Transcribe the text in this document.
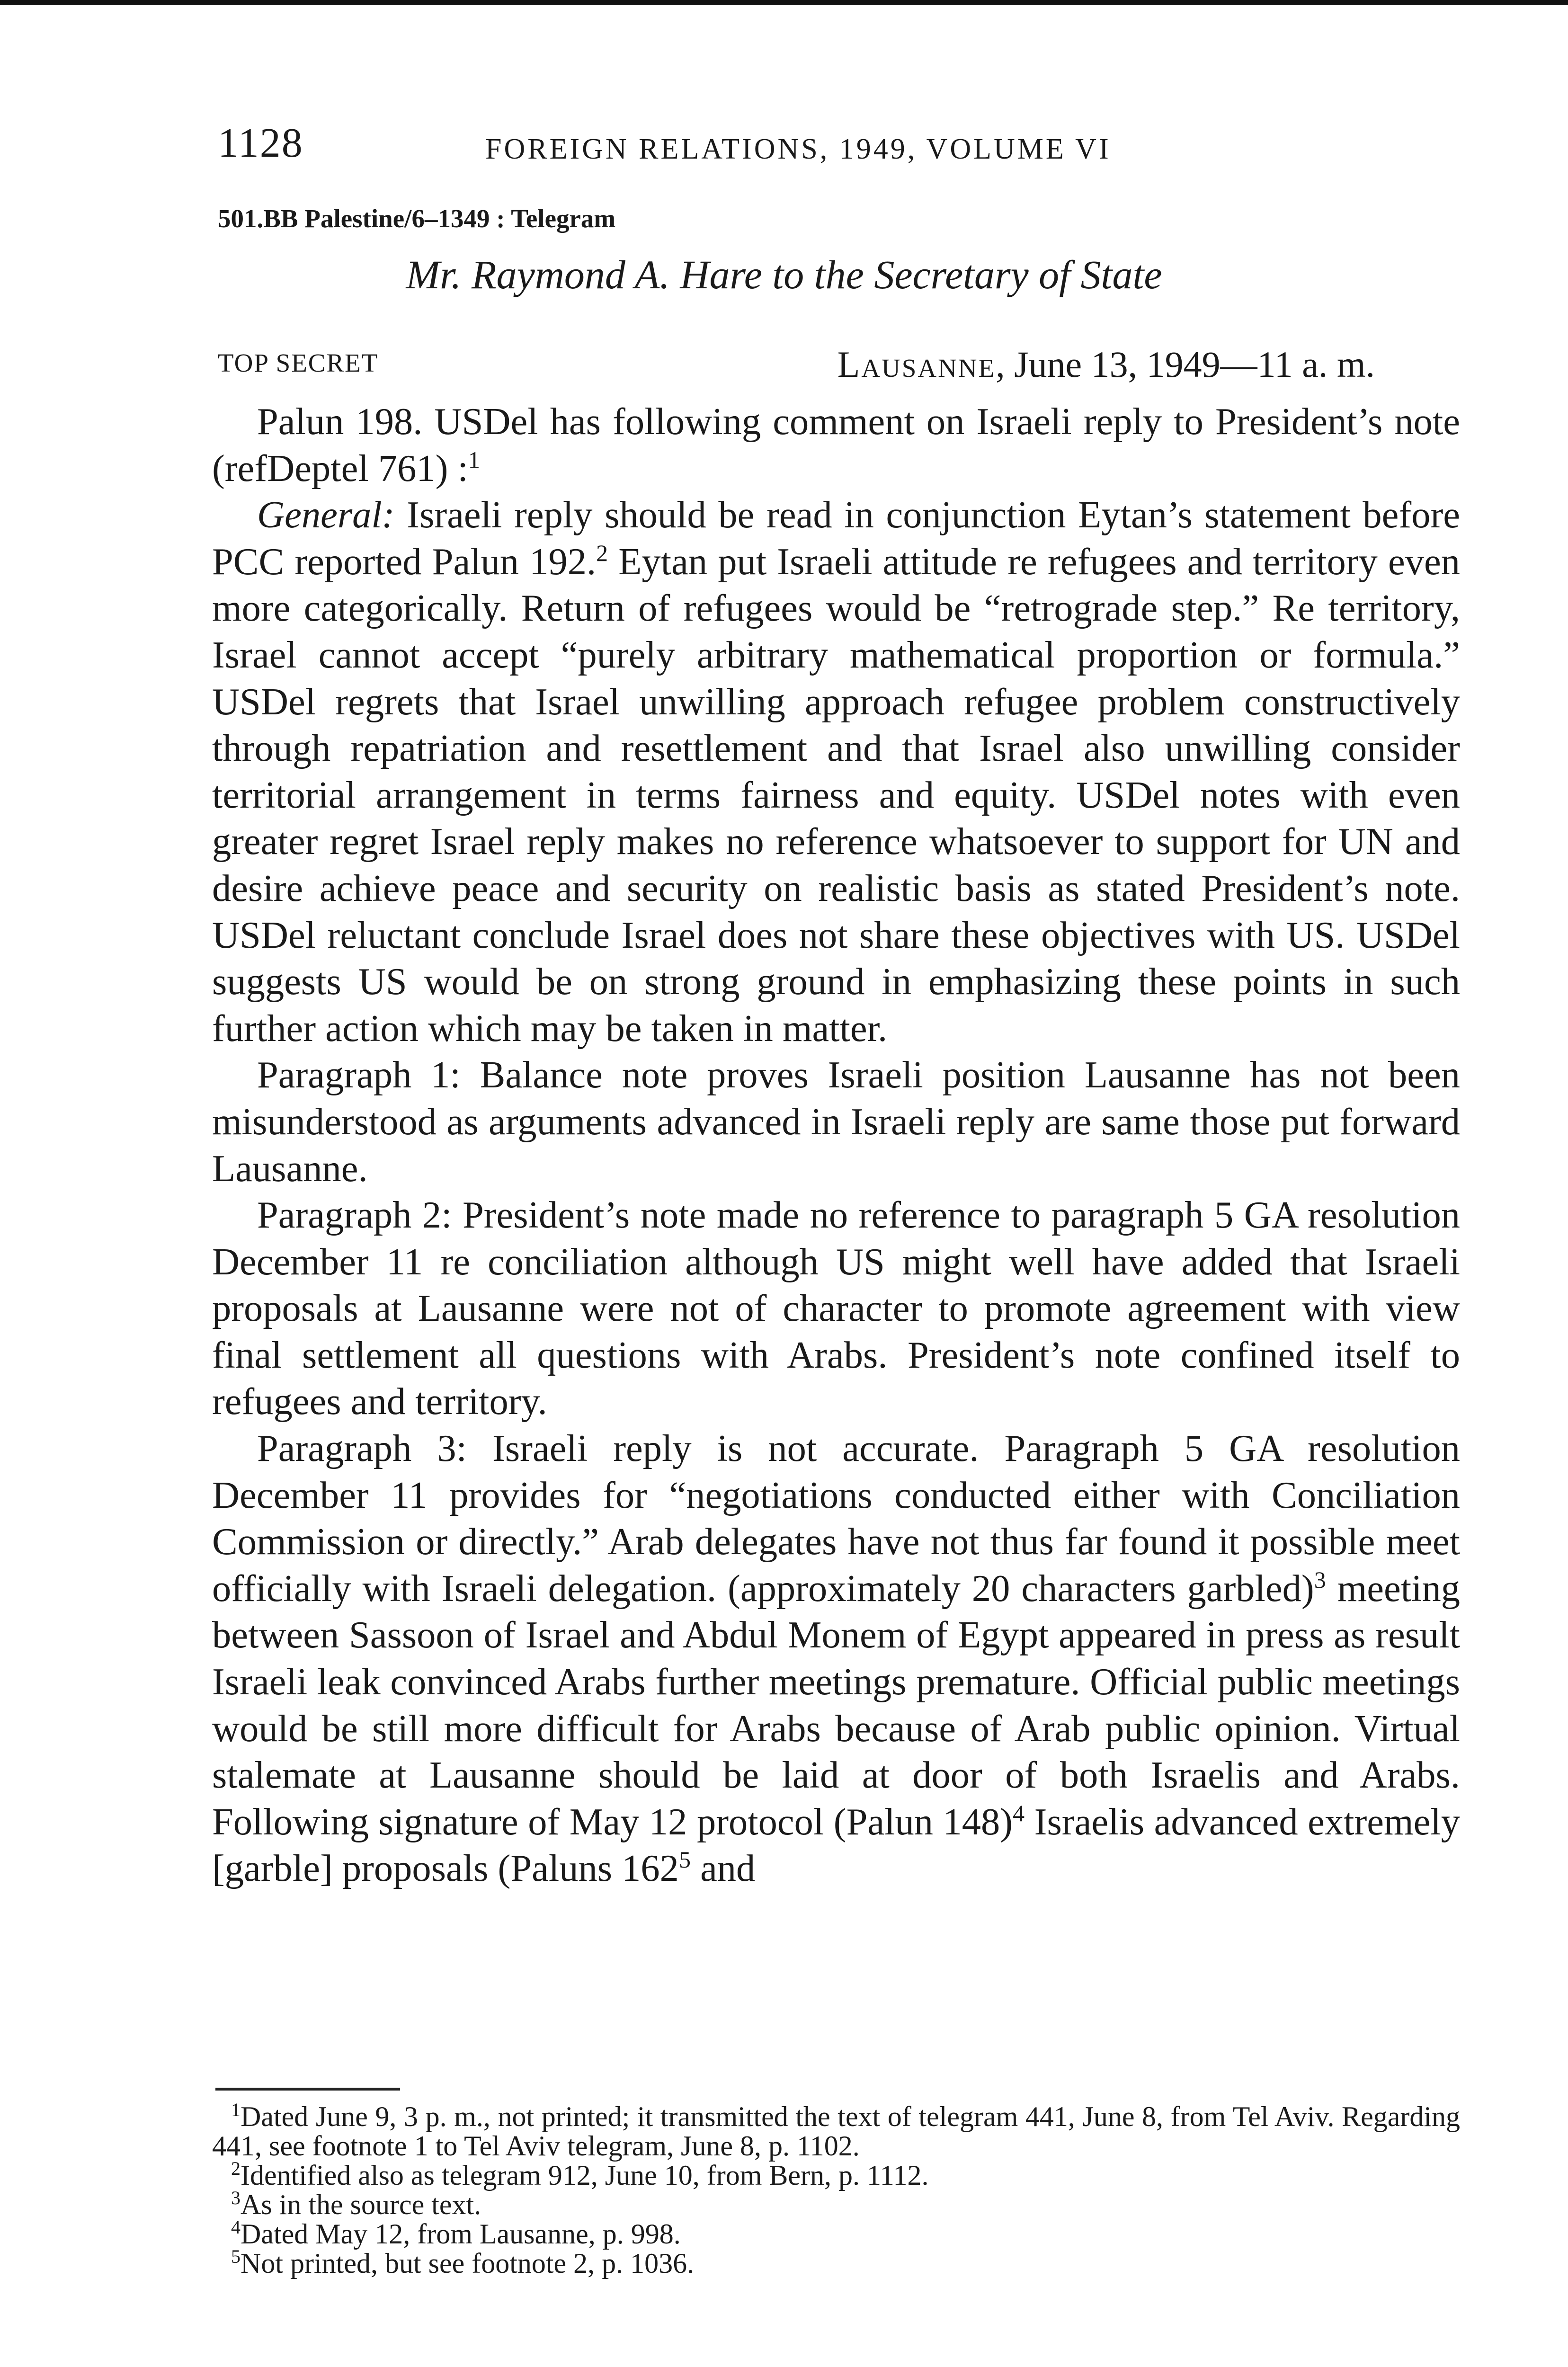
1128	FOREIGN RELATIONS, 1949, VOLUME VI
501.BB Palestine/6–1349 : Telegram
Mr. Raymond A. Hare to the Secretary of State
TOP SECRET	Lausanne, June 13, 1949—11 a. m.

Palun 198. USDel has following comment on Israeli reply to President’s note (refDeptel 761) :$^1$

General: Israeli reply should be read in conjunction Eytan’s statement before PCC reported Palun 192.$^2$ Eytan put Israeli attitude re refugees and territory even more categorically. Return of refugees would be “retrograde step.” Re territory, Israel cannot accept “purely arbitrary mathematical proportion or formula.” USDel regrets that Israel unwilling approach refugee problem constructively through repatriation and resettlement and that Israel also unwilling consider territorial arrangement in terms fairness and equity. USDel notes with even greater regret Israel reply makes no reference whatsoever to support for UN and desire achieve peace and security on realistic basis as stated President’s note. USDel reluctant conclude Israel does not share these objectives with US. USDel suggests US would be on strong ground in emphasizing these points in such further action which may be taken in matter.

Paragraph 1: Balance note proves Israeli position Lausanne has not been misunderstood as arguments advanced in Israeli reply are same those put forward Lausanne.

Paragraph 2: President’s note made no reference to paragraph 5 GA resolution December 11 re conciliation although US might well have added that Israeli proposals at Lausanne were not of character to promote agreement with view final settlement all questions with Arabs. President’s note confined itself to refugees and territory.

Paragraph 3: Israeli reply is not accurate. Paragraph 5 GA resolution December 11 provides for “negotiations conducted either with Conciliation Commission or directly.” Arab delegates have not thus far found it possible meet officially with Israeli delegation. (approximately 20 characters garbled)$^3$ meeting between Sassoon of Israel and Abdul Monem of Egypt appeared in press as result Israeli leak convinced Arabs further meetings premature. Official public meetings would be still more difficult for Arabs because of Arab public opinion. Virtual stalemate at Lausanne should be laid at door of both Israelis and Arabs. Following signature of May 12 protocol (Palun 148)$^4$ Israelis advanced extremely [garble] proposals (Paluns 162$^5$ and

$^1$Dated June 9, 3 p. m., not printed; it transmitted the text of telegram 441, June 8, from Tel Aviv. Regarding 441, see footnote 1 to Tel Aviv telegram, June 8, p. 1102.

$^2$Identified also as telegram 912, June 10, from Bern, p. 1112.

$^3$As in the source text.

$^4$Dated May 12, from Lausanne, p. 998.

$^5$Not printed, but see footnote 2, p. 1036.
